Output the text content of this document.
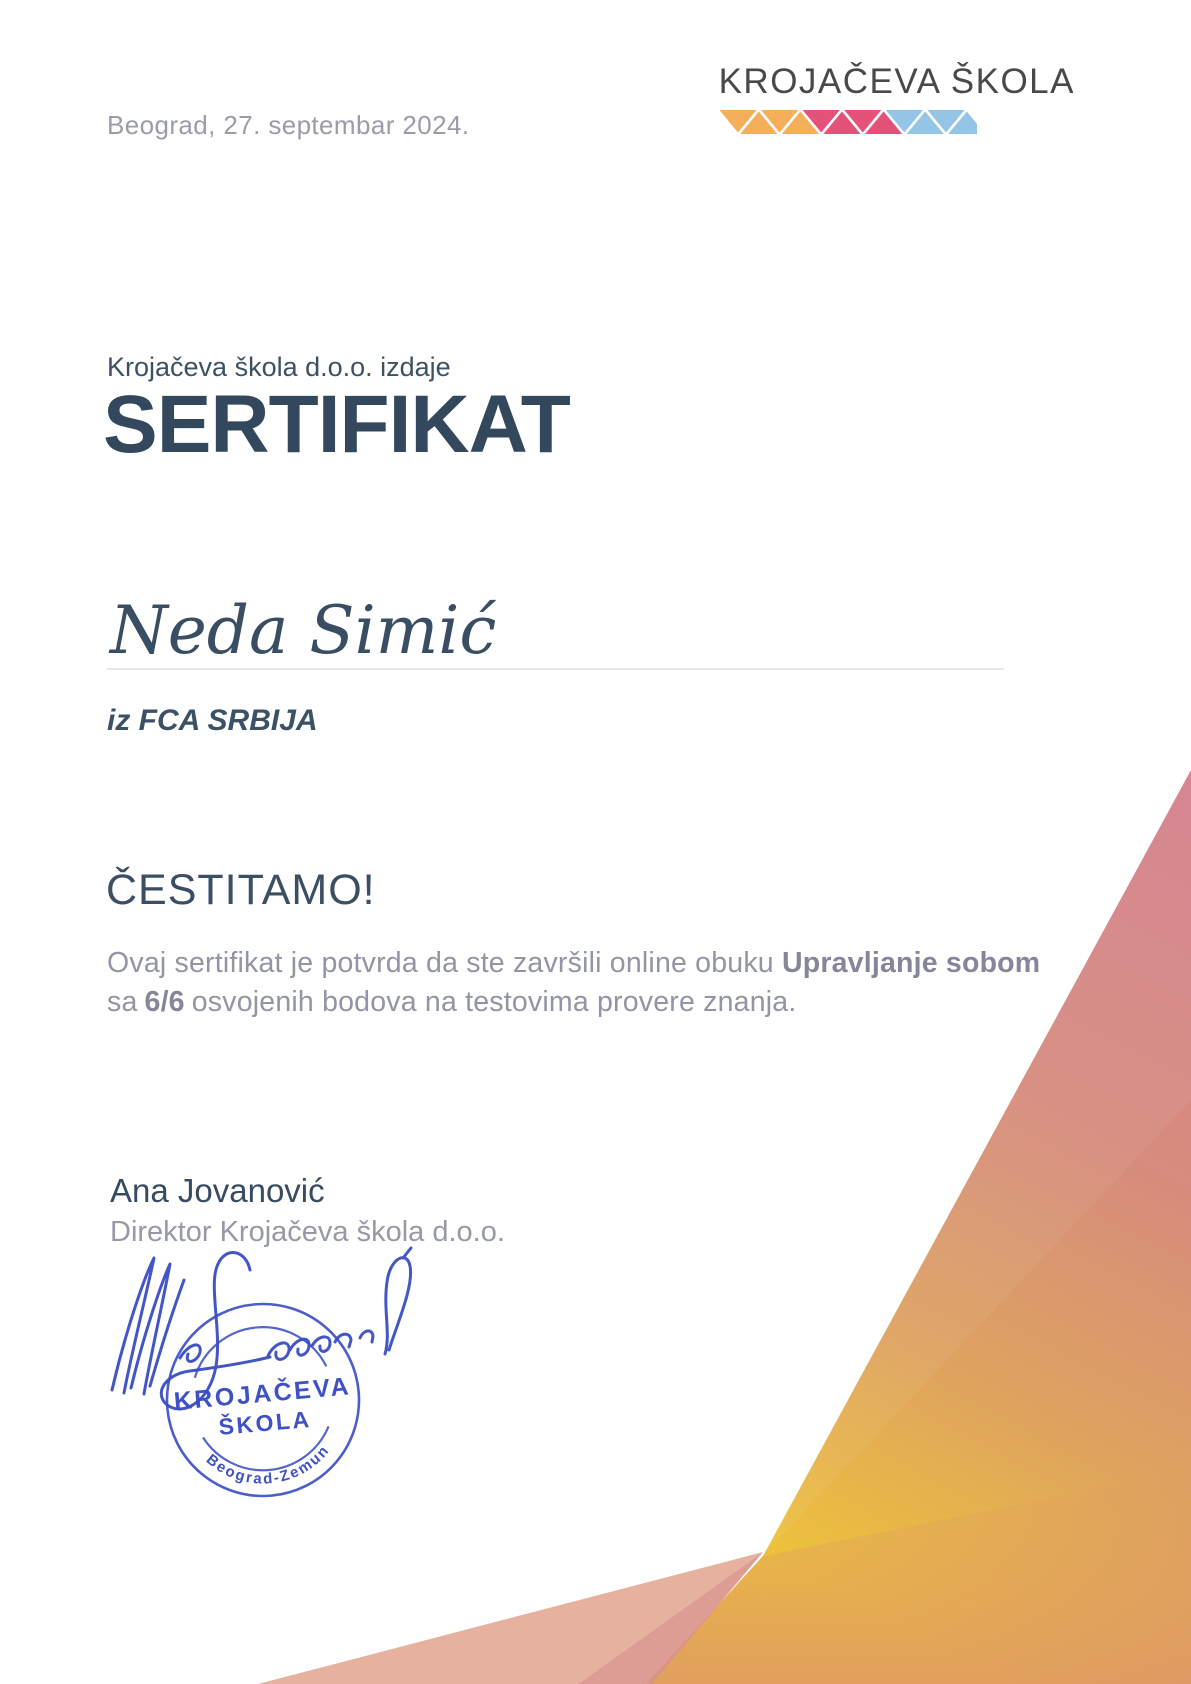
Beograd, 27. septembar 2024.
KROJAČEVA ŠKOLA
Krojačeva škola d.o.o. izdaje
SERTIFIKAT
Neda Simić
iz FCA SRBIJA
ČESTITAMO!
Ovaj sertifikat je potvrda da ste završili online obuku Upravljanje sobom
sa 6/6 osvojenih bodova na testovima provere znanja.
Ana Jovanović
Direktor Krojačeva škola d.o.o.
KROJAČEVA
ŠKOLA
Beograd-Zemun
